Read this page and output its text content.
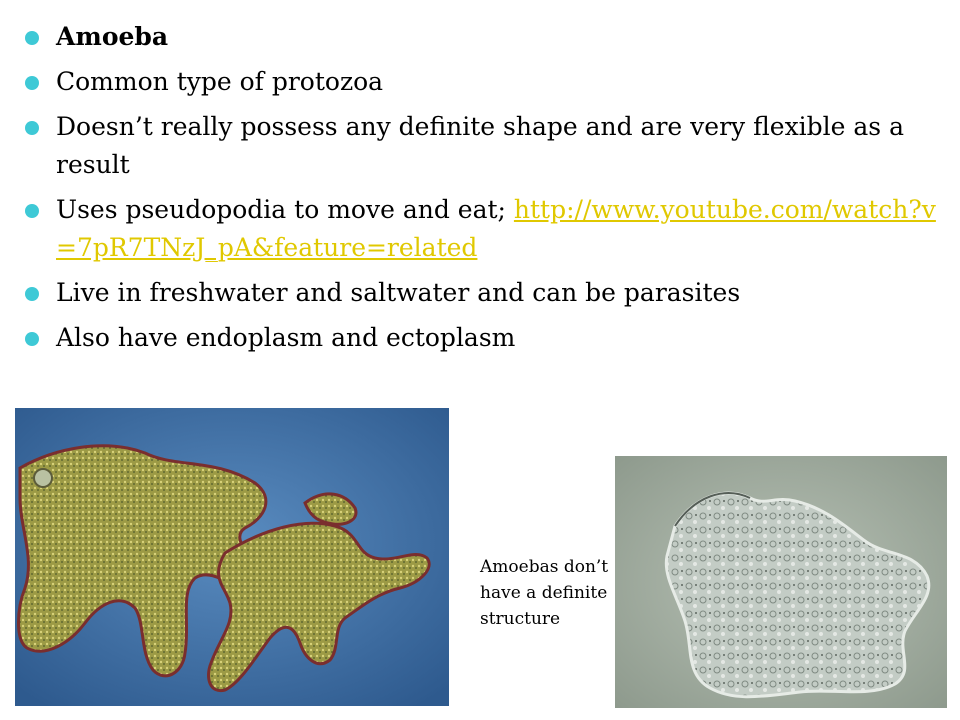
Amoeba
Common type of protozoa
Doesn’t really possess any definite shape and are very flexible as a result
Uses pseudopodia to move and eat; http://www.youtube.com/watch?v=7pR7TNzJ_pA&feature=related
Live in freshwater and saltwater and can be parasites
Also have endoplasm and ectoplasm
Amoebas don’t have a definite structure
